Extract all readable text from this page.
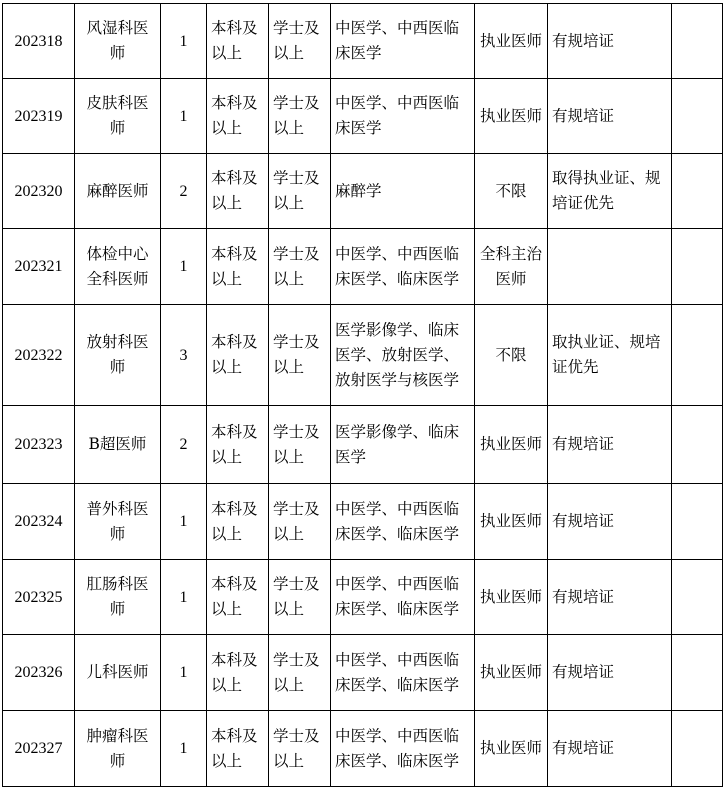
202318	风湿科医师	1	本科及以上	学士及以上	中医学、中西医临床医学	执业医师	有规培证	
202319	皮肤科医师	1	本科及以上	学士及以上	中医学、中西医临床医学	执业医师	有规培证	
202320	麻醉医师	2	本科及以上	学士及以上	麻醉学	不限	取得执业证、规培证优先	
202321	体检中心全科医师	1	本科及以上	学士及以上	中医学、中西医临床医学、临床医学	全科主治医师		
202322	放射科医师	3	本科及以上	学士及以上	医学影像学、临床医学、放射医学、放射医学与核医学	不限	取执业证、规培证优先	
202323	B超医师	2	本科及以上	学士及以上	医学影像学、临床医学	执业医师	有规培证	
202324	普外科医师	1	本科及以上	学士及以上	中医学、中西医临床医学、临床医学	执业医师	有规培证	
202325	肛肠科医师	1	本科及以上	学士及以上	中医学、中西医临床医学、临床医学	执业医师	有规培证	
202326	儿科医师	1	本科及以上	学士及以上	中医学、中西医临床医学、临床医学	执业医师	有规培证	
202327	肿瘤科医师	1	本科及以上	学士及以上	中医学、中西医临床医学、临床医学	执业医师	有规培证	
